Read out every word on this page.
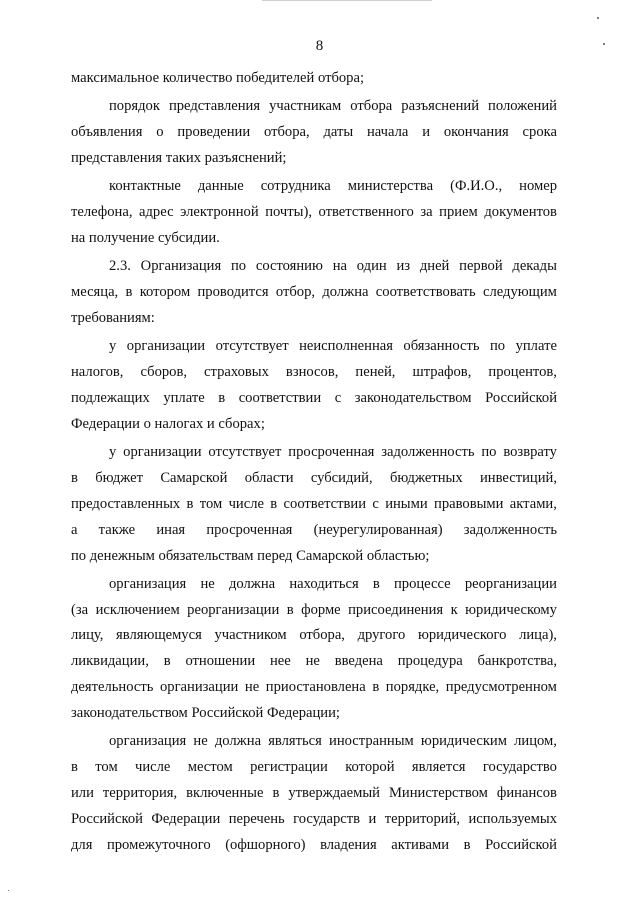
8
максимальное количество победителей отбора;
порядок представления участникам отбора разъяснений положений
объявления о проведении отбора, даты начала и окончания срока
представления таких разъяснений;
контактные данные сотрудника министерства (Ф.И.О., номер
телефона, адрес электронной почты), ответственного за прием документов
на получение субсидии.
2.3. Организация по состоянию на один из дней первой декады
месяца, в котором проводится отбор, должна соответствовать следующим
требованиям:
у организации отсутствует неисполненная обязанность по уплате
налогов, сборов, страховых взносов, пеней, штрафов, процентов,
подлежащих уплате в соответствии с законодательством Российской
Федерации о налогах и сборах;
у организации отсутствует просроченная задолженность по возврату
в бюджет Самарской области субсидий, бюджетных инвестиций,
предоставленных в том числе в соответствии с иными правовыми актами,
а также иная просроченная (неурегулированная) задолженность
по денежным обязательствам перед Самарской областью;
организация не должна находиться в процессе реорганизации
(за исключением реорганизации в форме присоединения к юридическому
лицу, являющемуся участником отбора, другого юридического лица),
ликвидации, в отношении нее не введена процедура банкротства,
деятельность организации не приостановлена в порядке, предусмотренном
законодательством Российской Федерации;
организация не должна являться иностранным юридическим лицом,
в том числе местом регистрации которой является государство
или территория, включенные в утверждаемый Министерством финансов
Российской Федерации перечень государств и территорий, используемых
для промежуточного (офшорного) владения активами в Российской
